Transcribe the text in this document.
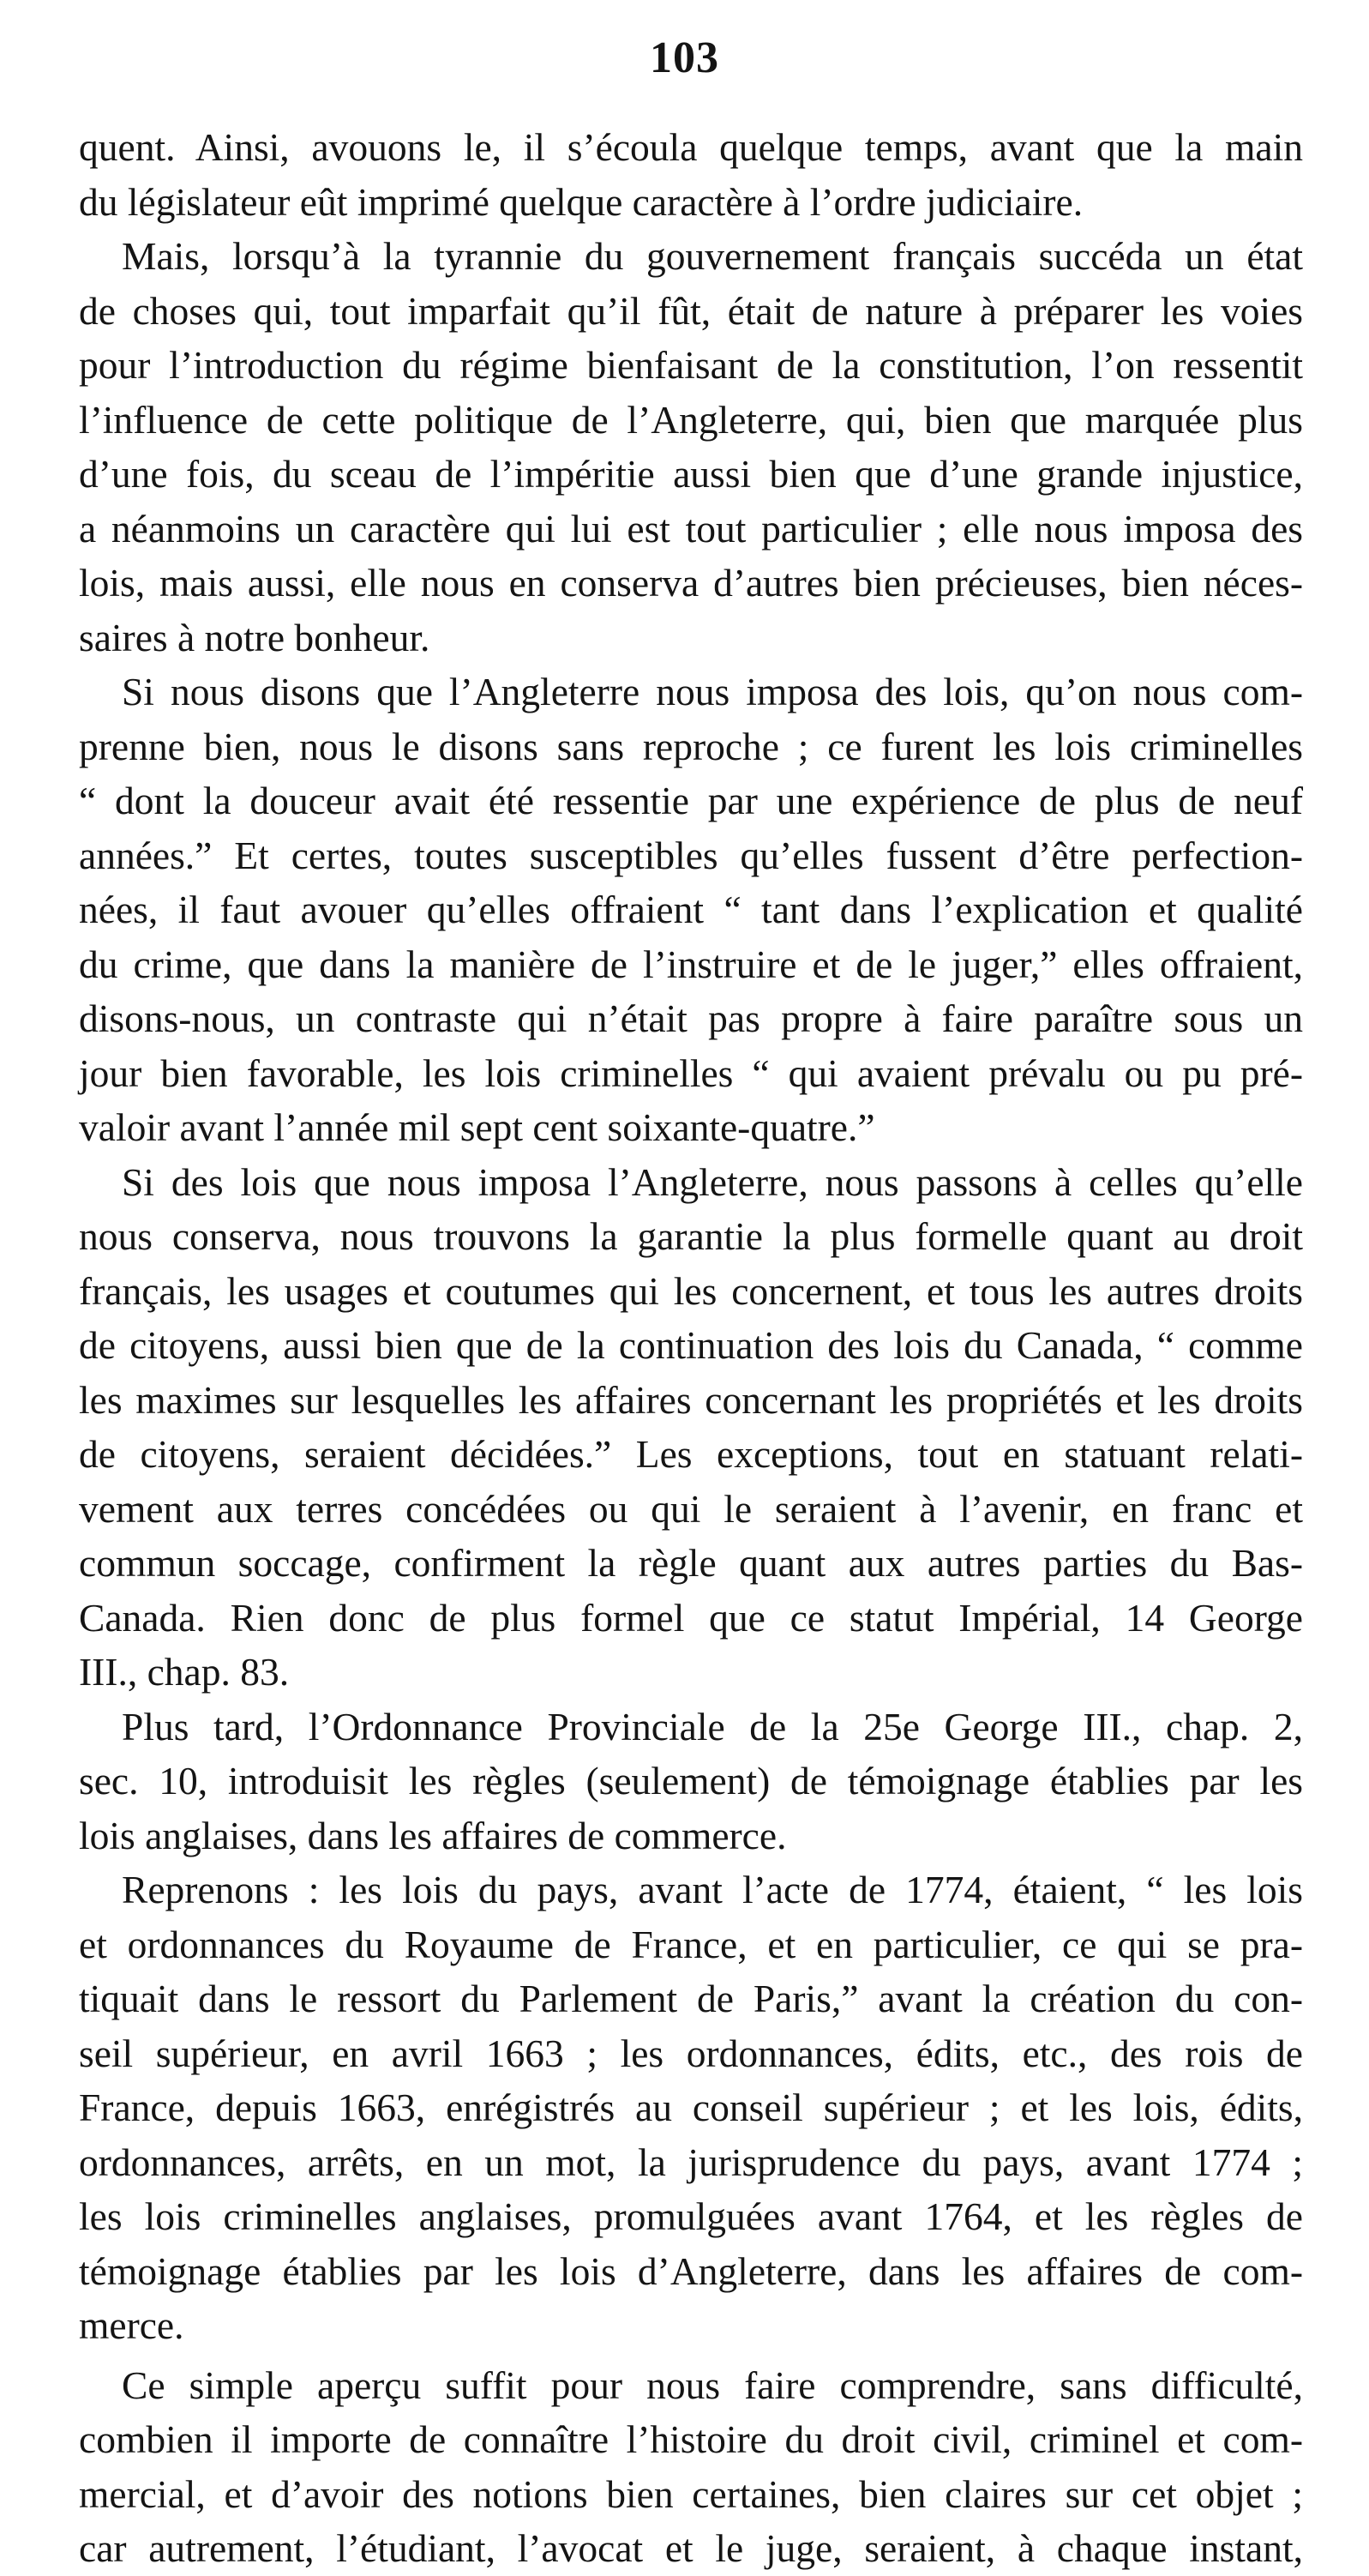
103
quent. Ainsi, avouons le, il s’écoula quelque temps, avant que la main
du législateur eût imprimé quelque caractère à l’ordre judiciaire.
Mais, lorsqu’à la tyrannie du gouvernement français succéda un état
de choses qui, tout imparfait qu’il fût, était de nature à préparer les voies
pour l’introduction du régime bienfaisant de la constitution, l’on ressentit
l’influence de cette politique de l’Angleterre, qui, bien que marquée plus
d’une fois, du sceau de l’impéritie aussi bien que d’une grande injustice,
a néanmoins un caractère qui lui est tout particulier ; elle nous imposa des
lois, mais aussi, elle nous en conserva d’autres bien précieuses, bien néces-
saires à notre bonheur.
Si nous disons que l’Angleterre nous imposa des lois, qu’on nous com-
prenne bien, nous le disons sans reproche ; ce furent les lois criminelles
“ dont la douceur avait été ressentie par une expérience de plus de neuf
années.” Et certes, toutes susceptibles qu’elles fussent d’être perfection-
nées, il faut avouer qu’elles offraient “ tant dans l’explication et qualité
du crime, que dans la manière de l’instruire et de le juger,” elles offraient,
disons-nous, un contraste qui n’était pas propre à faire paraître sous un
jour bien favorable, les lois criminelles “ qui avaient prévalu ou pu pré-
valoir avant l’année mil sept cent soixante-quatre.”
Si des lois que nous imposa l’Angleterre, nous passons à celles qu’elle
nous conserva, nous trouvons la garantie la plus formelle quant au droit
français, les usages et coutumes qui les concernent, et tous les autres droits
de citoyens, aussi bien que de la continuation des lois du Canada, “ comme
les maximes sur lesquelles les affaires concernant les propriétés et les droits
de citoyens, seraient décidées.” Les exceptions, tout en statuant relati-
vement aux terres concédées ou qui le seraient à l’avenir, en franc et
commun soccage, confirment la règle quant aux autres parties du Bas-
Canada. Rien donc de plus formel que ce statut Impérial, 14 George
III., chap. 83.
Plus tard, l’Ordonnance Provinciale de la 25e George III., chap. 2,
sec. 10, introduisit les règles (seulement) de témoignage établies par les
lois anglaises, dans les affaires de commerce.
Reprenons : les lois du pays, avant l’acte de 1774, étaient, “ les lois
et ordonnances du Royaume de France, et en particulier, ce qui se pra-
tiquait dans le ressort du Parlement de Paris,” avant la création du con-
seil supérieur, en avril 1663 ; les ordonnances, édits, etc., des rois de
France, depuis 1663, enrégistrés au conseil supérieur ; et les lois, édits,
ordonnances, arrêts, en un mot, la jurisprudence du pays, avant 1774 ;
les lois criminelles anglaises, promulguées avant 1764, et les règles de
témoignage établies par les lois d’Angleterre, dans les affaires de com-
merce.
Ce simple aperçu suffit pour nous faire comprendre, sans difficulté,
combien il importe de connaître l’histoire du droit civil, criminel et com-
mercial, et d’avoir des notions bien certaines, bien claires sur cet objet ;
car autrement, l’étudiant, l’avocat et le juge, seraient, à chaque instant,
